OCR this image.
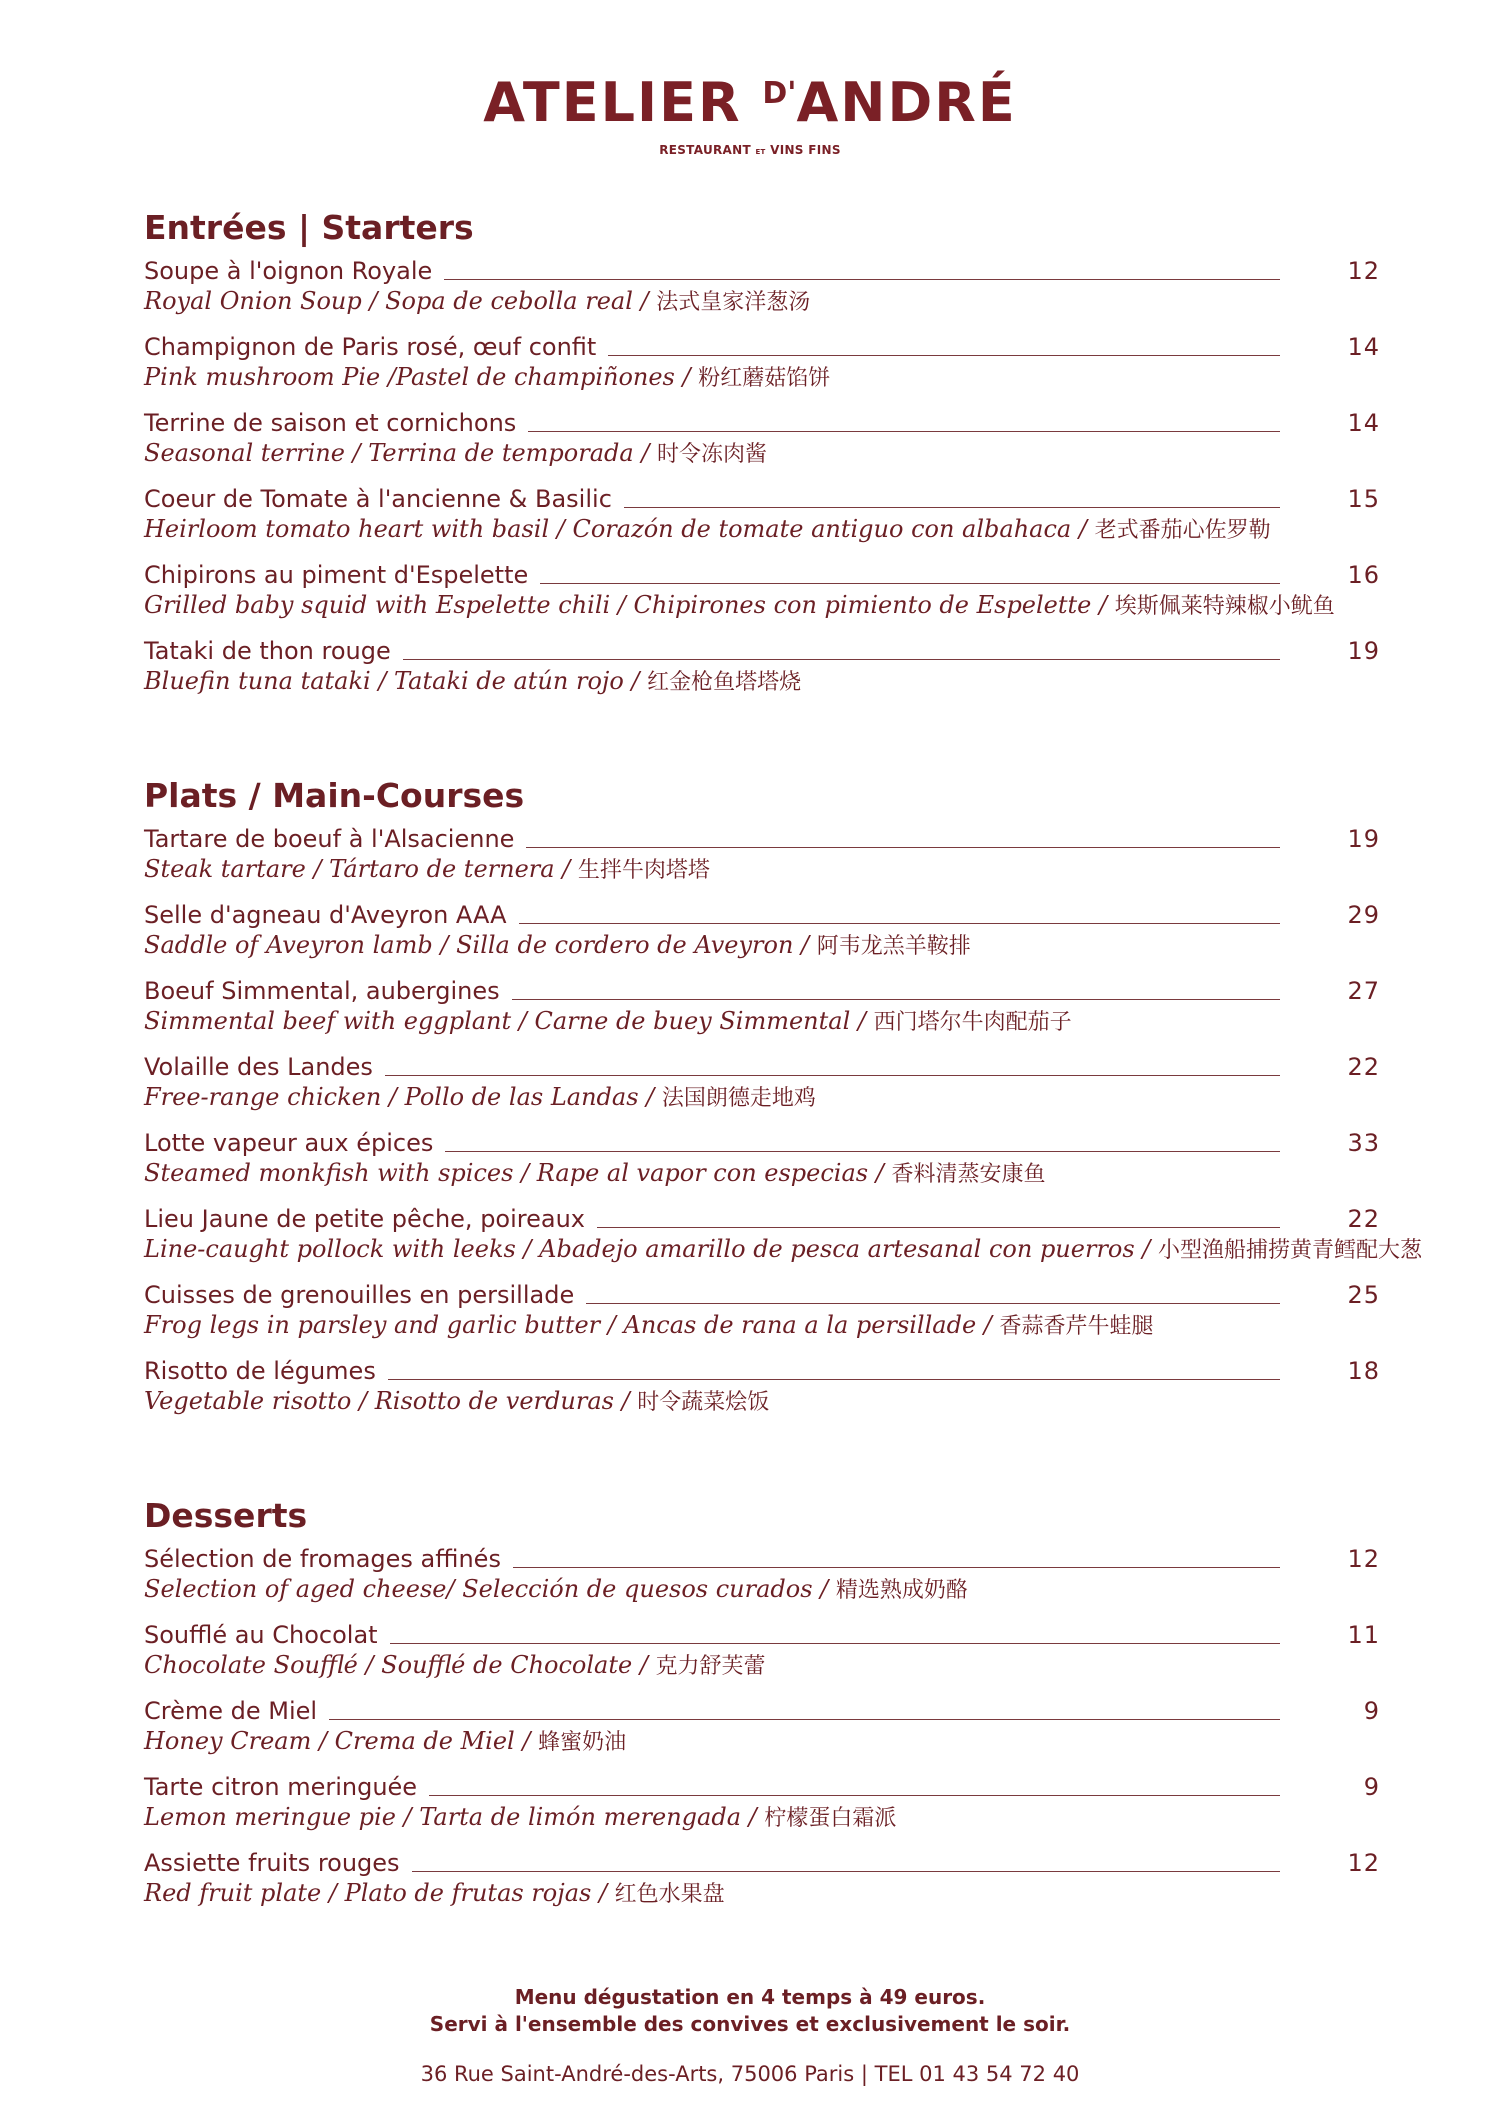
ATELIER $^{D'}$ANDRÉ
RESTAURANT ET VINS FINS
Entrées | Starters
Soupe à l'oignon Royale	12
Royal Onion Soup / Sopa de cebolla real / 法式皇家洋葱汤
Champignon de Paris rosé, œuf confit	14
Pink mushroom Pie /Pastel de champiñones / 粉红蘑菇馅饼
Terrine de saison et cornichons	14
Seasonal terrine / Terrina de temporada / 时令冻肉酱
Coeur de Tomate à l'ancienne & Basilic	15
Heirloom tomato heart with basil / Corazón de tomate antiguo con albahaca / 老式番茄心佐罗勒
Chipirons au piment d'Espelette	16
Grilled baby squid with Espelette chili / Chipirones con pimiento de Espelette / 埃斯佩莱特辣椒小鱿鱼
Tataki de thon rouge	19
Bluefin tuna tataki / Tataki de atún rojo / 红金枪鱼塔塔烧
Plats / Main-Courses
Tartare de boeuf à l'Alsacienne	19
Steak tartare / Tártaro de ternera / 生拌牛肉塔塔
Selle d'agneau d'Aveyron AAA	29
Saddle of Aveyron lamb / Silla de cordero de Aveyron / 阿韦龙羔羊鞍排
Boeuf Simmental, aubergines	27
Simmental beef with eggplant / Carne de buey Simmental / 西门塔尔牛肉配茄子
Volaille des Landes	22
Free-range chicken / Pollo de las Landas / 法国朗德走地鸡
Lotte vapeur aux épices	33
Steamed monkfish with spices / Rape al vapor con especias / 香料清蒸安康鱼
Lieu Jaune de petite pêche, poireaux	22
Line-caught pollock with leeks / Abadejo amarillo de pesca artesanal con puerros / 小型渔船捕捞黄青鳕配大葱
Cuisses de grenouilles en persillade	25
Frog legs in parsley and garlic butter / Ancas de rana a la persillade / 香蒜香芹牛蛙腿
Risotto de légumes	18
Vegetable risotto / Risotto de verduras / 时令蔬菜烩饭
Desserts
Sélection de fromages affinés	12
Selection of aged cheese/ Selección de quesos curados / 精选熟成奶酪
Soufflé au Chocolat	11
Chocolate Soufflé / Soufflé de Chocolate / 克力舒芙蕾
Crème de Miel	9
Honey Cream / Crema de Miel / 蜂蜜奶油
Tarte citron meringuée	9
Lemon meringue pie / Tarta de limón merengada / 柠檬蛋白霜派
Assiette fruits rouges	12
Red fruit plate / Plato de frutas rojas / 红色水果盘
Menu dégustation en 4 temps à 49 euros.
Servi à l'ensemble des convives et exclusivement le soir.
36 Rue Saint-André-des-Arts, 75006 Paris | TEL 01 43 54 72 40
